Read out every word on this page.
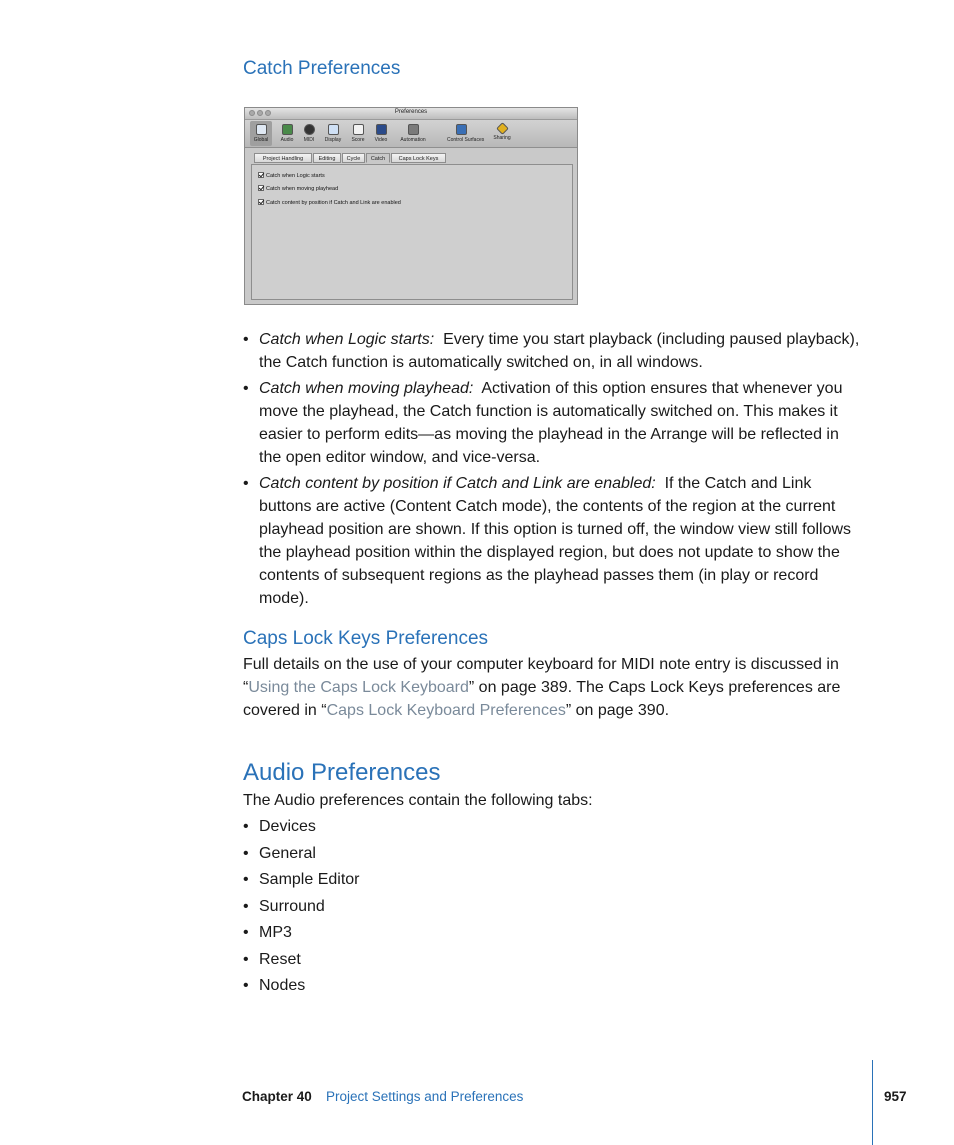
Catch Preferences
Preferences
Global	Audio	MIDI	Display	Score	Video	Automation	Control Surfaces	Sharing
Project Handling	Editing	Cycle	Catch	Caps Lock Keys
Catch when Logic starts
Catch when moving playhead
Catch content by position if Catch and Link are enabled
• Catch when Logic starts: Every time you start playback (including paused playback), the Catch function is automatically switched on, in all windows.
• Catch when moving playhead: Activation of this option ensures that whenever you move the playhead, the Catch function is automatically switched on. This makes it easier to perform edits—as moving the playhead in the Arrange will be reflected in the open editor window, and vice-versa.
• Catch content by position if Catch and Link are enabled: If the Catch and Link buttons are active (Content Catch mode), the contents of the region at the current playhead position are shown. If this option is turned off, the window view still follows the playhead position within the displayed region, but does not update to show the contents of subsequent regions as the playhead passes them (in play or record mode).
Caps Lock Keys Preferences

Full details on the use of your computer keyboard for MIDI note entry is discussed in “Using the Caps Lock Keyboard” on page 389. The Caps Lock Keys preferences are covered in “Caps Lock Keyboard Preferences” on page 390.

Audio Preferences

The Audio preferences contain the following tabs:

• Devices
• General
• Sample Editor
• Surround
• MP3
• Reset
• Nodes
Chapter 40 Project Settings and Preferences	957
